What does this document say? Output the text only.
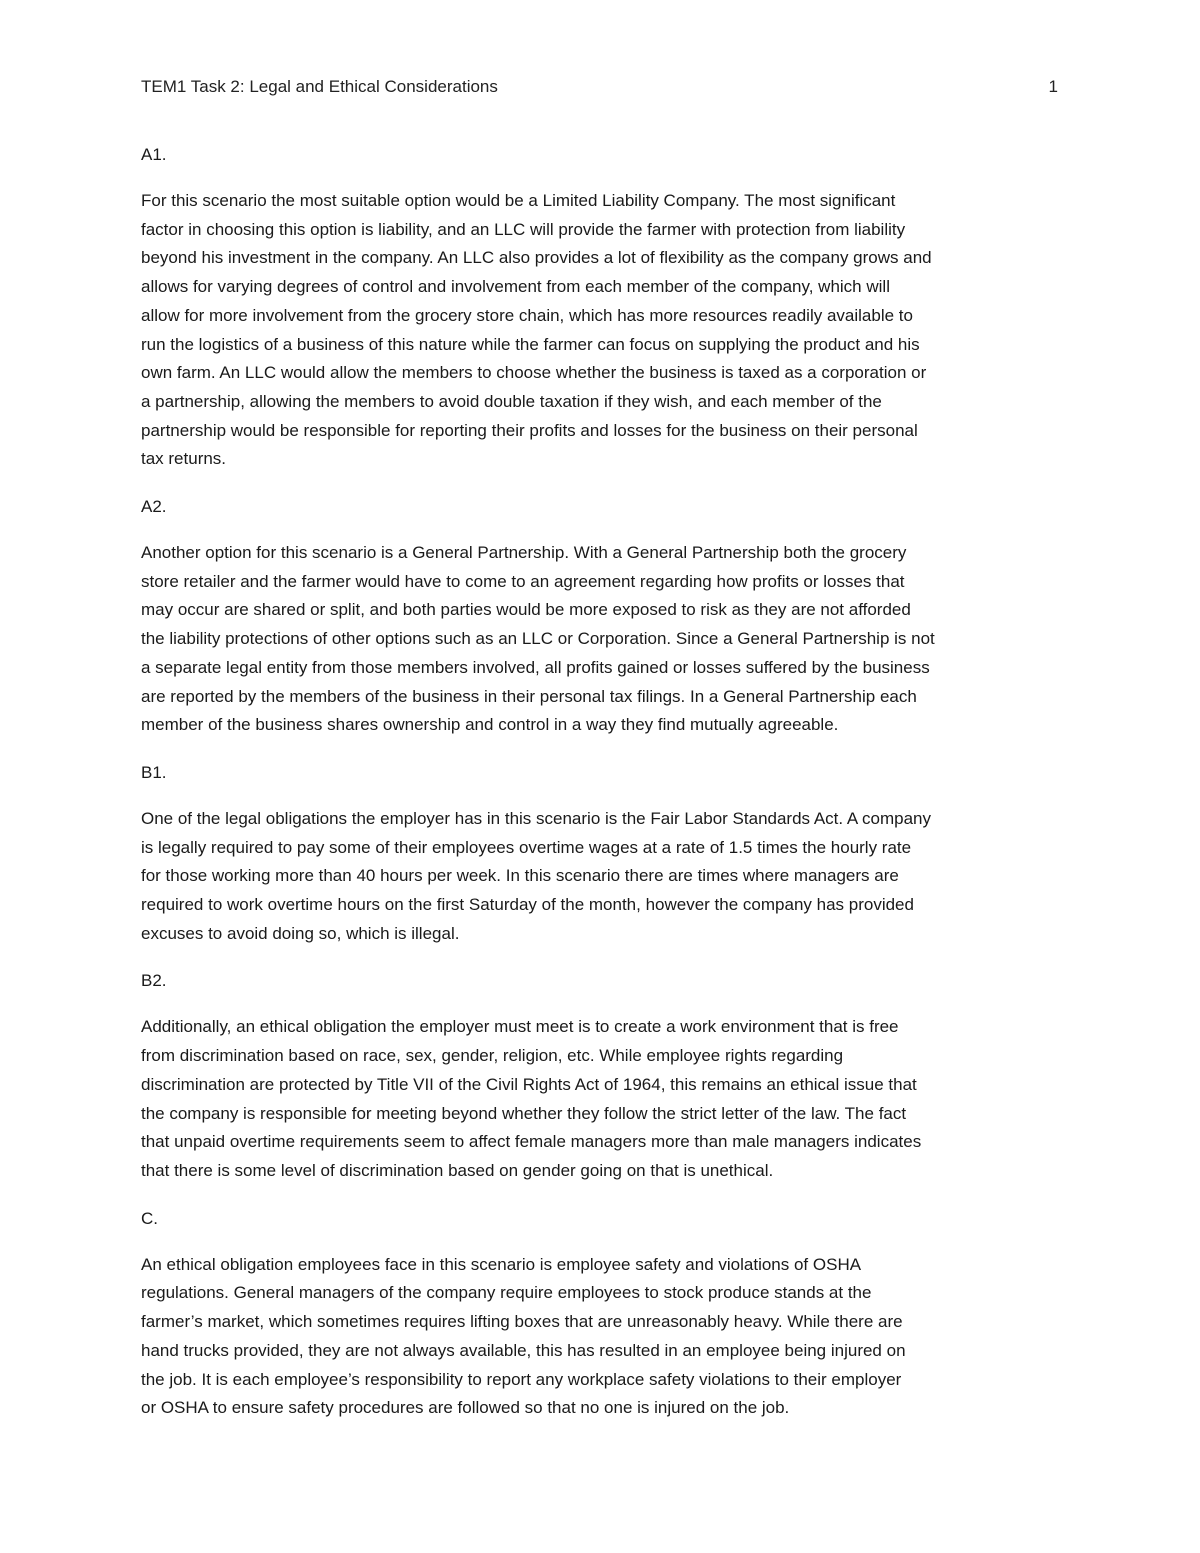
TEM1 Task 2: Legal and Ethical Considerations	1

A1.

For this scenario the most suitable option would be a Limited Liability Company. The most significant
factor in choosing this option is liability, and an LLC will provide the farmer with protection from liability
beyond his investment in the company. An LLC also provides a lot of flexibility as the company grows and
allows for varying degrees of control and involvement from each member of the company, which will
allow for more involvement from the grocery store chain, which has more resources readily available to
run the logistics of a business of this nature while the farmer can focus on supplying the product and his
own farm. An LLC would allow the members to choose whether the business is taxed as a corporation or
a partnership, allowing the members to avoid double taxation if they wish, and each member of the
partnership would be responsible for reporting their profits and losses for the business on their personal
tax returns.

A2.

Another option for this scenario is a General Partnership. With a General Partnership both the grocery
store retailer and the farmer would have to come to an agreement regarding how profits or losses that
may occur are shared or split, and both parties would be more exposed to risk as they are not afforded
the liability protections of other options such as an LLC or Corporation. Since a General Partnership is not
a separate legal entity from those members involved, all profits gained or losses suffered by the business
are reported by the members of the business in their personal tax filings. In a General Partnership each
member of the business shares ownership and control in a way they find mutually agreeable.

B1.

One of the legal obligations the employer has in this scenario is the Fair Labor Standards Act. A company
is legally required to pay some of their employees overtime wages at a rate of 1.5 times the hourly rate
for those working more than 40 hours per week. In this scenario there are times where managers are
required to work overtime hours on the first Saturday of the month, however the company has provided
excuses to avoid doing so, which is illegal.

B2.

Additionally, an ethical obligation the employer must meet is to create a work environment that is free
from discrimination based on race, sex, gender, religion, etc. While employee rights regarding
discrimination are protected by Title VII of the Civil Rights Act of 1964, this remains an ethical issue that
the company is responsible for meeting beyond whether they follow the strict letter of the law. The fact
that unpaid overtime requirements seem to affect female managers more than male managers indicates
that there is some level of discrimination based on gender going on that is unethical.

C.

An ethical obligation employees face in this scenario is employee safety and violations of OSHA
regulations. General managers of the company require employees to stock produce stands at the
farmer’s market, which sometimes requires lifting boxes that are unreasonably heavy. While there are
hand trucks provided, they are not always available, this has resulted in an employee being injured on
the job. It is each employee’s responsibility to report any workplace safety violations to their employer
or OSHA to ensure safety procedures are followed so that no one is injured on the job.
